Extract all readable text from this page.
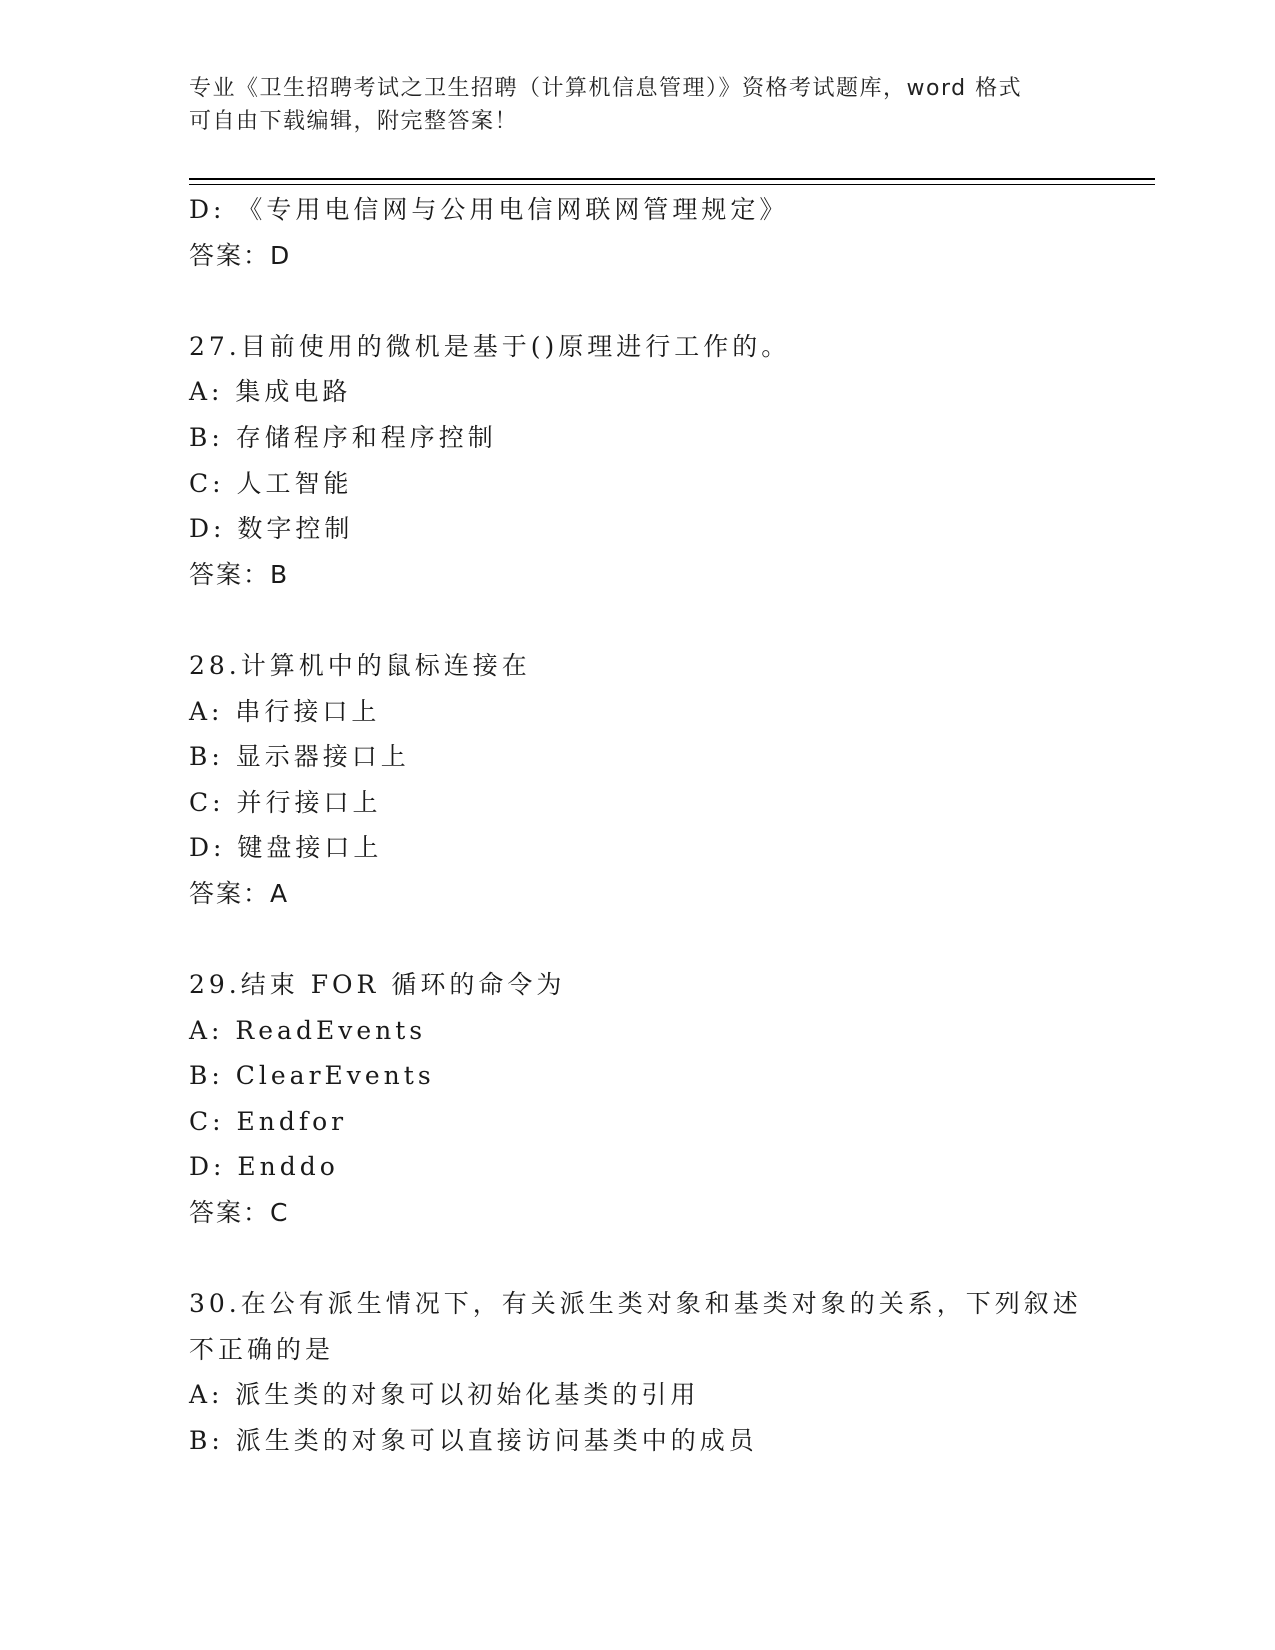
专业《卫生招聘考试之卫生招聘（计算机信息管理）》资格考试题库，word 格式
可自由下载编辑，附完整答案！
D: 《专用电信网与公用电信网联网管理规定》
答案：D
27.目前使用的微机是基于()原理进行工作的。
A: 集成电路
B: 存储程序和程序控制
C: 人工智能
D: 数字控制
答案：B
28.计算机中的鼠标连接在
A: 串行接口上
B: 显示器接口上
C: 并行接口上
D: 键盘接口上
答案：A
29.结束 FOR 循环的命令为
A: ReadEvents
B: ClearEvents
C: Endfor
D: Enddo
答案：C
30.在公有派生情况下，有关派生类对象和基类对象的关系，下列叙述
不正确的是
A: 派生类的对象可以初始化基类的引用
B: 派生类的对象可以直接访问基类中的成员
